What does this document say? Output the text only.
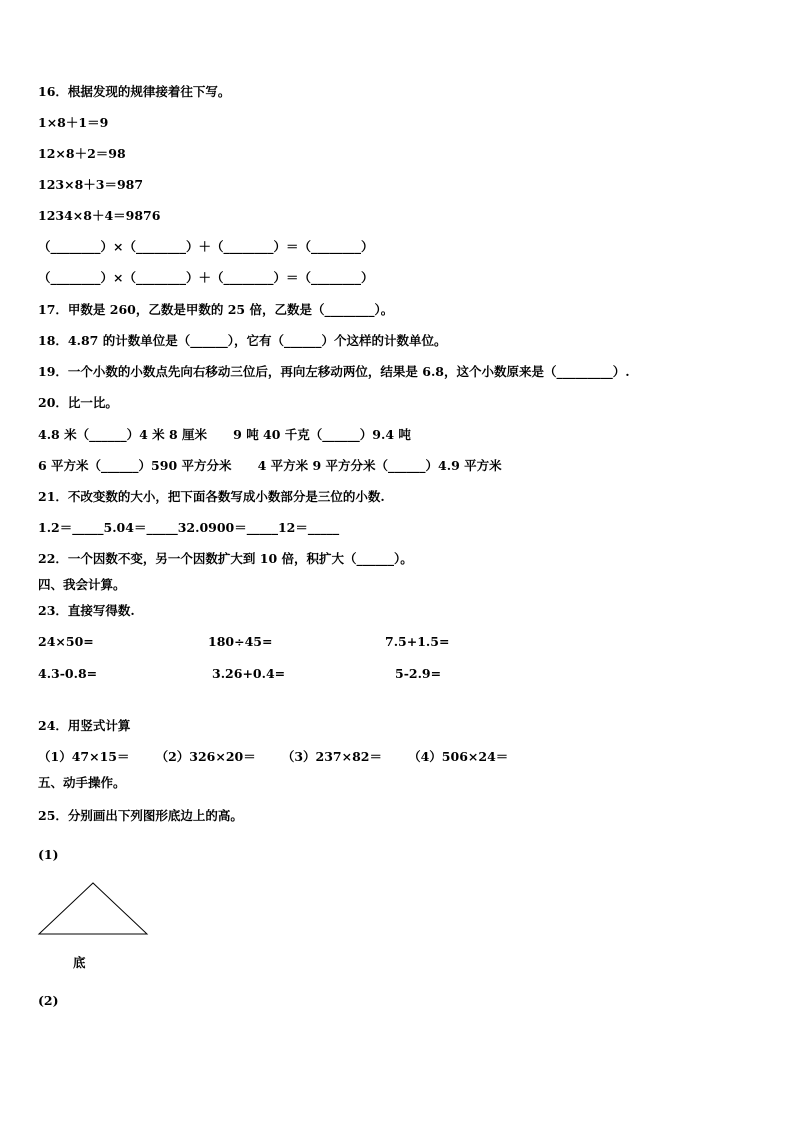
16．根据发现的规律接着往下写。
1×8＋1＝9
12×8＋2＝98
123×8＋3＝987
1234×8＋4＝9876
（________）×（________）＋（________）＝（________）
（________）×（________）＋（________）＝（________）
17．甲数是 260，乙数是甲数的 25 倍，乙数是（________）。
18．4.87 的计数单位是（______），它有（______）个这样的计数单位。
19．一个小数的小数点先向右移动三位后，再向左移动两位，结果是 6.8，这个小数原来是（_________）.
20．比一比。
4.8 米（______）4 米 8 厘米      9 吨 40 千克（______）9.4 吨
6 平方米（______）590 平方分米      4 平方米 9 平方分米（______）4.9 平方米
21．不改变数的大小，把下面各数写成小数部分是三位的小数.
1.2＝_____5.04＝_____32.0900＝_____12＝_____
22．一个因数不变，另一个因数扩大到 10 倍，积扩大（______）。
四、我会计算。
23．直接写得数.
24×50=	180÷45=	7.5+1.5=
4.3-0.8=	3.26+0.4=	5-2.9=
24．用竖式计算
（1）47×15＝      （2）326×20＝      （3）237×82＝      （4）506×24＝
五、动手操作。
25．分别画出下列图形底边上的高。
(1)
底
(2)
